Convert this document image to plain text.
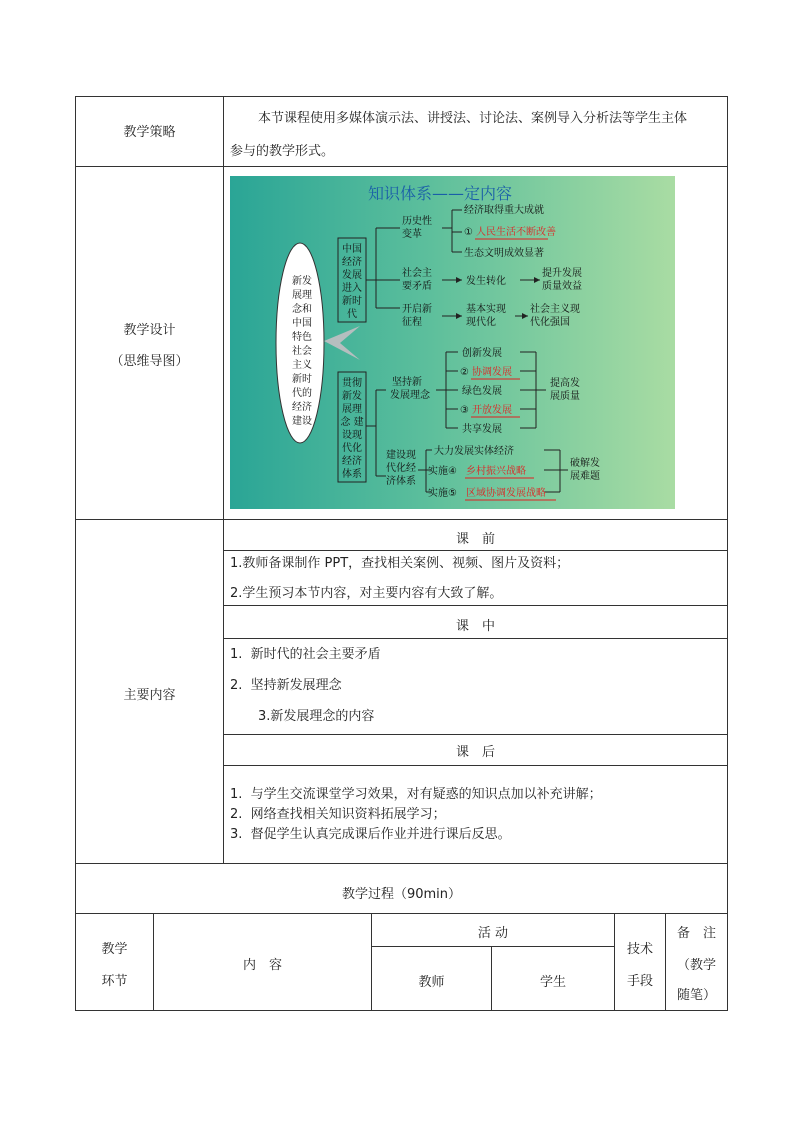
教学策略
本节课程使用多媒体演示法、讲授法、讨论法、案例导入分析法等学生主体
参与的教学形式。
教学设计
（思维导图）
知识体系——定内容
新发
展理
念和
中国
特色
社会
主义
新时
代的
经济
建设
中国
经济
发展
进入
新时
代
贯彻
新发
展理
念 建
设现
代化
经济
体系
历史性
变革
经济取得重大成就
① 人民生活不断改善
生态文明成效显著
社会主
要矛盾	发生转化
提升发展
质量效益
开启新
征程
基本实现
现代化
社会主义现
代化强国
坚持新
发展理念
创新发展
② 协调发展
绿色发展
③ 开放发展
共享发展
提高发
展质量
建设现
代化经
济体系
大力发展实体经济
实施④ 乡村振兴战略
实施⑤ 区域协调发展战略
破解发
展难题
主要内容
课　前
1.教师备课制作 PPT，查找相关案例、视频、图片及资料；
2.学生预习本节内容，对主要内容有大致了解。
课　中
1.  新时代的社会主要矛盾
2.  坚持新发展理念
3.新发展理念的内容
课　后
1.  与学生交流课堂学习效果，对有疑惑的知识点加以补充讲解；
2.  网络查找相关知识资料拓展学习；
3.  督促学生认真完成课后作业并进行课后反思。
教学过程（90min）
教学
环节
内　容
活 动
教师	学生
技术
手段
备　注
（教学
随笔）
